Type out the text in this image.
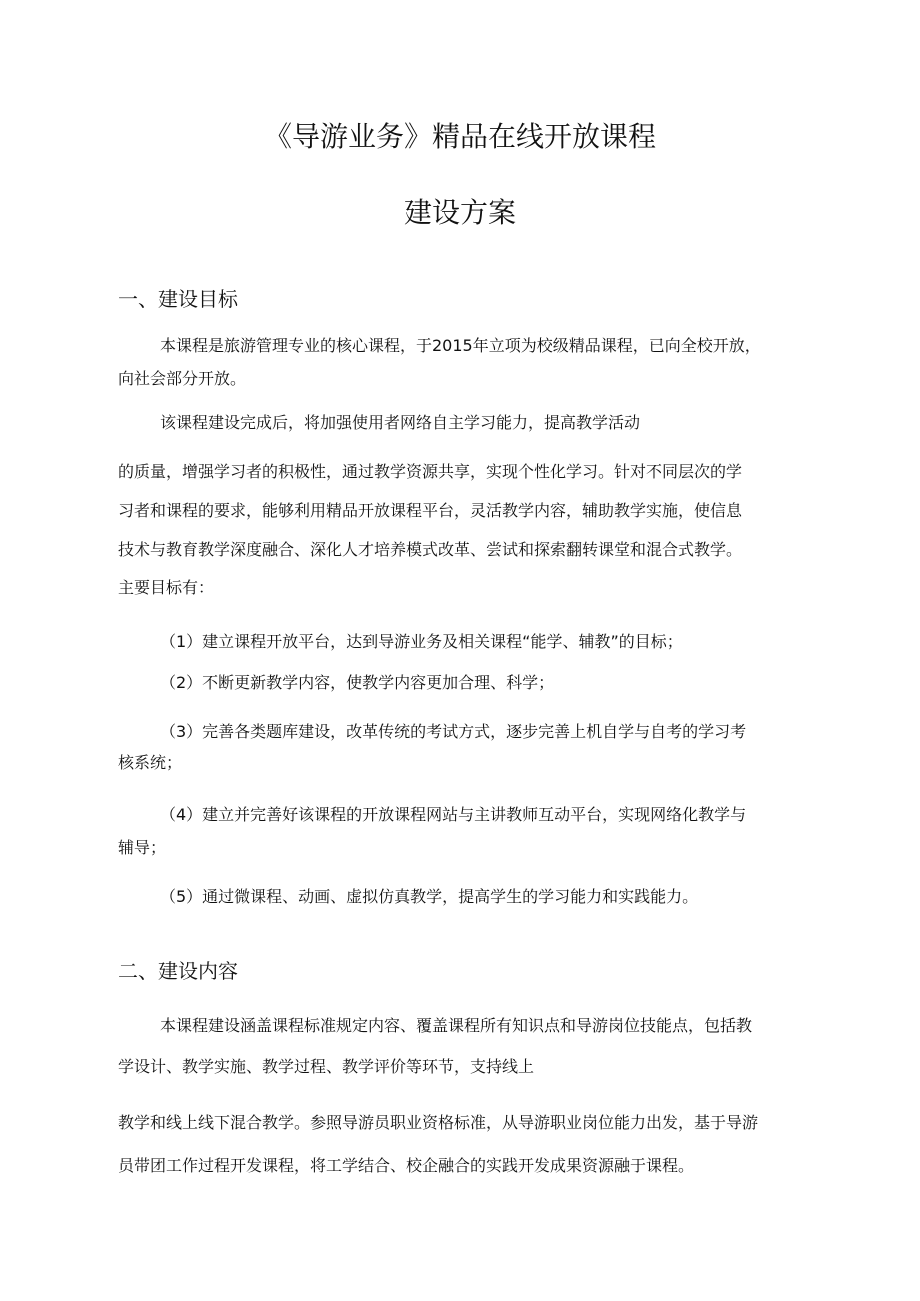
《导游业务》精品在线开放课程
建设方案
一、建设目标
本课程是旅游管理专业的核心课程，于2015年立项为校级精品课程，已向全校开放，
向社会部分开放。
该课程建设完成后，将加强使用者网络自主学习能力，提高教学活动
的质量，增强学习者的积极性，通过教学资源共享，实现个性化学习。针对不同层次的学
习者和课程的要求，能够利用精品开放课程平台，灵活教学内容，辅助教学实施，使信息
技术与教育教学深度融合、深化人才培养模式改革、尝试和探索翻转课堂和混合式教学。
主要目标有：
（1）建立课程开放平台，达到导游业务及相关课程“能学、辅教”的目标；
（2）不断更新教学内容，使教学内容更加合理、科学；
（3）完善各类题库建设，改革传统的考试方式，逐步完善上机自学与自考的学习考
核系统；
（4）建立并完善好该课程的开放课程网站与主讲教师互动平台，实现网络化教学与
辅导；
（5）通过微课程、动画、虚拟仿真教学，提高学生的学习能力和实践能力。
二、建设内容
本课程建设涵盖课程标准规定内容、覆盖课程所有知识点和导游岗位技能点，包括教
学设计、教学实施、教学过程、教学评价等环节，支持线上
教学和线上线下混合教学。参照导游员职业资格标准，从导游职业岗位能力出发，基于导游
员带团工作过程开发课程，将工学结合、校企融合的实践开发成果资源融于课程。
